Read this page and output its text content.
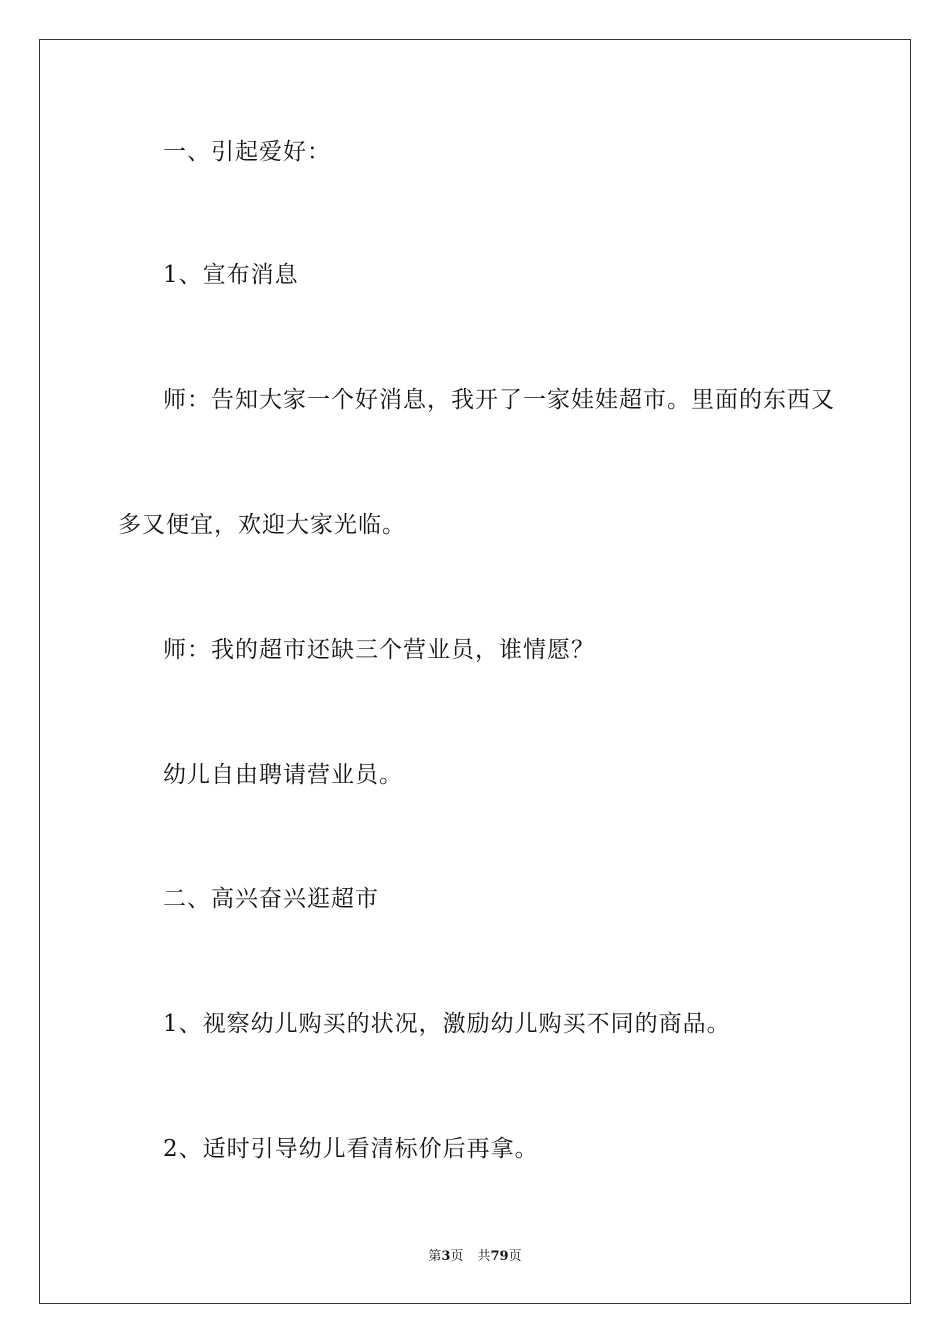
一、引起爱好：
1、宣布消息
师：告知大家一个好消息，我开了一家娃娃超市。里面的东西又
多又便宜，欢迎大家光临。
师：我的超市还缺三个营业员，谁情愿？
幼儿自由聘请营业员。
二、高兴奋兴逛超市
1、视察幼儿购买的状况，激励幼儿购买不同的商品。
2、适时引导幼儿看清标价后再拿。
第3页 共79页
